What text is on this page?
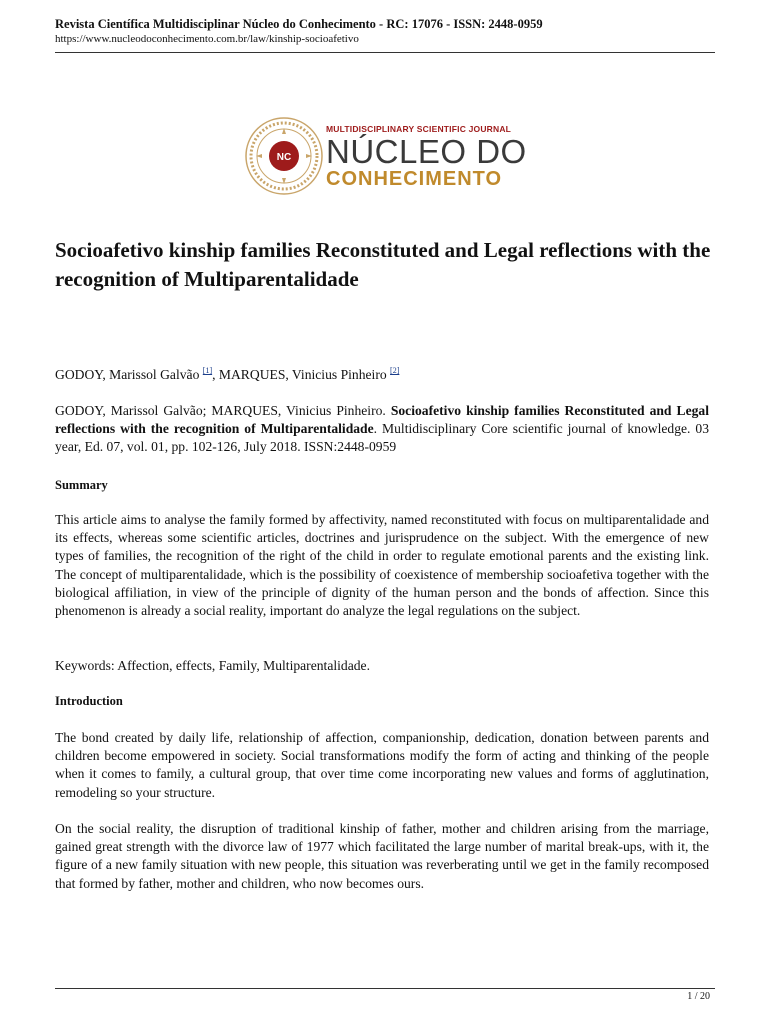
Revista Científica Multidisciplinar Núcleo do Conhecimento - RC: 17076 - ISSN: 2448-0959
https://www.nucleodoconhecimento.com.br/law/kinship-socioafetivo
NC
MULTIDISCIPLINARY SCIENTIFIC JOURNAL
NÚCLEO DO
CONHECIMENTO
Socioafetivo kinship families Reconstituted and Legal reflections with the recognition of Multiparentalidade
GODOY, Marissol Galvão [1], MARQUES, Vinicius Pinheiro [2]
GODOY, Marissol Galvão; MARQUES, Vinicius Pinheiro. Socioafetivo kinship families Reconstituted and Legal reflections with the recognition of Multiparentalidade. Multidisciplinary Core scientific journal of knowledge. 03 year, Ed. 07, vol. 01, pp. 102-126, July 2018. ISSN:2448-0959
Summary
This article aims to analyse the family formed by affectivity, named reconstituted with focus on multiparentalidade and its effects, whereas some scientific articles, doctrines and jurisprudence on the subject. With the emergence of new types of families, the recognition of the right of the child in order to regulate emotional parents and the existing link. The concept of multiparentalidade, which is the possibility of coexistence of membership socioafetiva together with the biological affiliation, in view of the principle of dignity of the human person and the bonds of affection. Since this phenomenon is already a social reality, important do analyze the legal regulations on the subject.
Keywords: Affection, effects, Family, Multiparentalidade.
Introduction
The bond created by daily life, relationship of affection, companionship, dedication, donation between parents and children become empowered in society. Social transformations modify the form of acting and thinking of the people when it comes to family, a cultural group, that over time come incorporating new values and forms of agglutination, remodeling so your structure.
On the social reality, the disruption of traditional kinship of father, mother and children arising from the marriage, gained great strength with the divorce law of 1977 which facilitated the large number of marital break-ups, with it, the figure of a new family situation with new people, this situation was reverberating until we get in the family recomposed that formed by father, mother and children, who now becomes ours.
1 / 20
